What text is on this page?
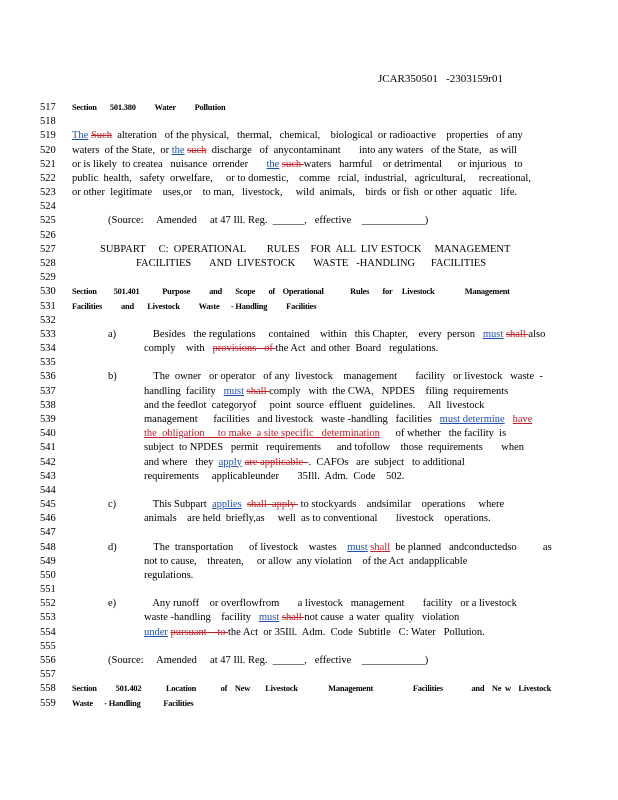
JCAR350501   -2303159r01
517	Section       501.380          Water          Pollution
518
519	The Such  alteration   of the physical,   thermal,   chemical,    biological  or radioactive    properties   of any
520	waters  of the State,  or the such  discharge   of  anycontaminant       into any waters   of the State,   as will
521	or is likely  to createa   nuisance  orrender       the such waters   harmful    or detrimental      or injurious   to
522	public  health,   safety  orwelfare,     or to domestic,    comme   rcial,  industrial,   agricultural,     recreational,
523	or other  legitimate    uses,or    to man,   livestock,     wild  animals,    birds  or fish  or other  aquatic   life.
524
525	(Source:     Amended     at 47 Ill. Reg.  ______,   effective    ____________)
526
527	SUBPART     C:  OPERATIONAL        RULES    FOR  ALL  LIV ESTOCK     MANAGEMENT
528	FACILITIES       AND  LIVESTOCK       WASTE   -HANDLING      FACILITIES
529
530	Section         501.401            Purpose          and       Scope       of    Operational              Rules       for     Livestock                Management
531	Facilities          and       Livestock          Waste      - Handling          Facilities
532
533	a)              Besides   the regulations     contained    within   this Chapter,    every  person   must shall also
534	comply    with   provisions   of the Act  and other  Board   regulations.
535
536	b)              The  owner   or operator   of any  livestock    management       facility   or livestock   waste  -
537	handling  facility   must shall comply   with  the CWA,   NPDES    filing  requirements
538	and the feedlot  categoryof     point  source  effluent   guidelines.     All  livestock
539	management      facilities   and livestock   waste -handling   facilities   must determine have
540	the  obligation     to make  a site specific   determination      of whether   the facility  is
541	subject  to NPDES   permit   requirements      and tofollow    those  requirements       when
542	and where   they  apply are applicable  .  CAFOs   are  subject   to additional
543	requirements     applicableunder       35Ill.  Adm.  Code    502.
544
545	c)              This Subpart  applies shall  apply  to stockyards    andsimilar    operations     where
546	animals    are held  briefly,as     well  as to conventional       livestock    operations.
547
548	d)              The  transportation      of livestock    wastes    must shall  be planned   andconductedso          as
549	not to cause,    threaten,     or allow  any violation    of the Act  andapplicable
550	regulations.
551
552	e)              Any runoff    or overflowfrom       a livestock   management       facility   or a livestock
553	waste -handling    facility   must shall not cause  a water  quality   violation
554	under pursuant    to the Act  or 35Ill.  Adm.  Code  Subtitle   C: Water   Pollution.
555
556	(Source:     Amended     at 47 Ill. Reg.  ______,   effective    ____________)
557
558	Section          501.402             Location             of    New        Livestock                Management                     Facilities               and    Ne  w    Livestock
559	Waste      - Handling            Facilities
